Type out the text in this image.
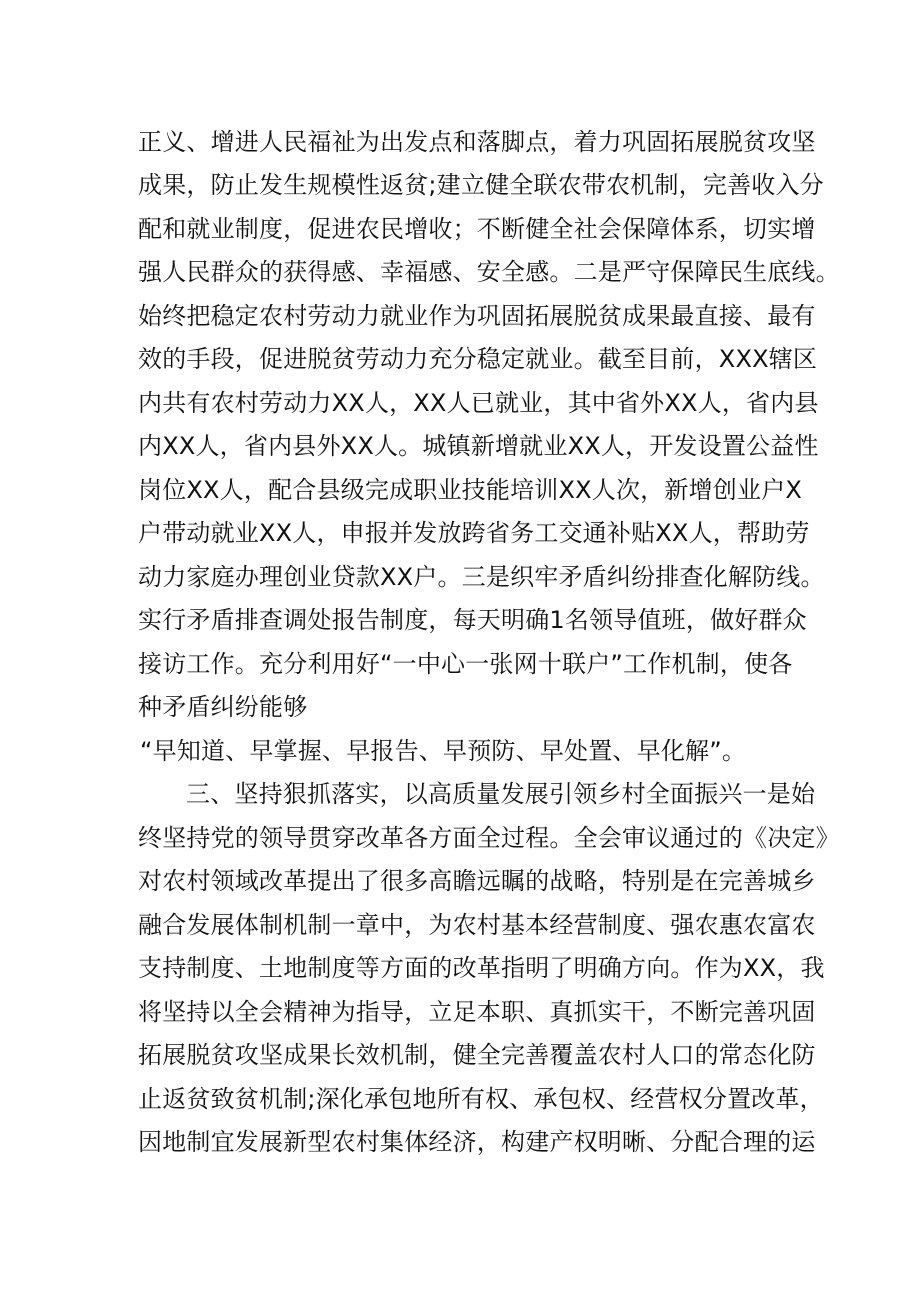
正义、增进人民福祉为出发点和落脚点，着力巩固拓展脱贫攻坚
成果，防止发生规模性返贫;建立健全联农带农机制，完善收入分
配和就业制度，促进农民增收；不断健全社会保障体系，切实增
强人民群众的获得感、幸福感、安全感。二是严守保障民生底线。
始终把稳定农村劳动力就业作为巩固拓展脱贫成果最直接、最有
效的手段，促进脱贫劳动力充分稳定就业。截至目前，XXX辖区
内共有农村劳动力XX人，XX人已就业，其中省外XX人，省内县
内XX人，省内县外XX人。城镇新增就业XX人，开发设置公益性
岗位XX人，配合县级完成职业技能培训XX人次，新增创业户X
户带动就业XX人，申报并发放跨省务工交通补贴XX人，帮助劳
动力家庭办理创业贷款XX户。三是织牢矛盾纠纷排查化解防线。
实行矛盾排查调处报告制度，每天明确1名领导值班，做好群众
接访工作。充分利用好“一中心一张网十联户”工作机制，使各
种矛盾纠纷能够
“早知道、早掌握、早报告、早预防、早处置、早化解”。
三、坚持狠抓落实，以高质量发展引领乡村全面振兴一是始
终坚持党的领导贯穿改革各方面全过程。全会审议通过的《决定》
对农村领域改革提出了很多高瞻远瞩的战略，特别是在完善城乡
融合发展体制机制一章中，为农村基本经营制度、强农惠农富农
支持制度、土地制度等方面的改革指明了明确方向。作为XX，我
将坚持以全会精神为指导，立足本职、真抓实干，不断完善巩固
拓展脱贫攻坚成果长效机制，健全完善覆盖农村人口的常态化防
止返贫致贫机制;深化承包地所有权、承包权、经营权分置改革，
因地制宜发展新型农村集体经济，构建产权明晰、分配合理的运
